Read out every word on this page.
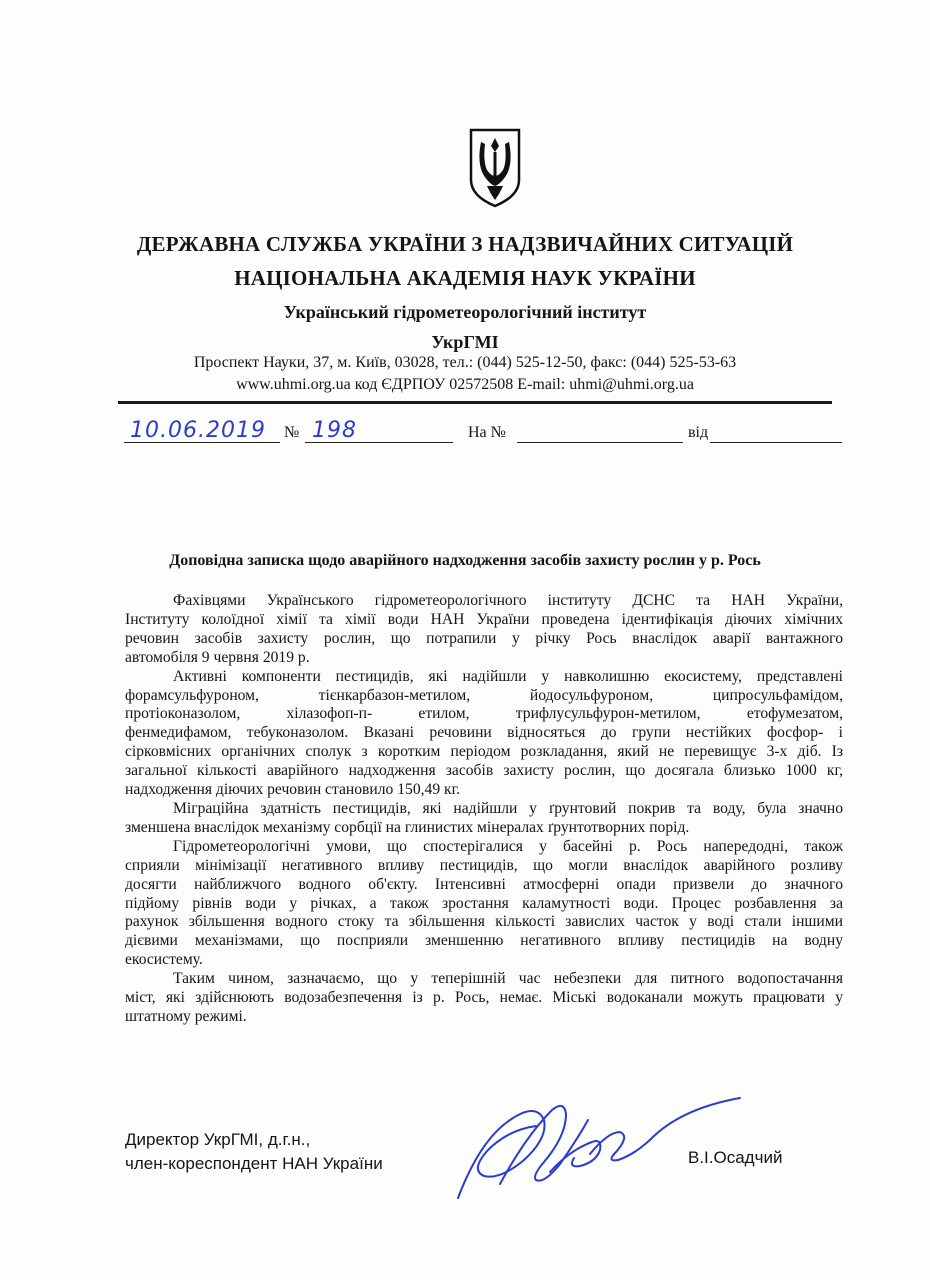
ДЕРЖАВНА СЛУЖБА УКРАЇНИ З НАДЗВИЧАЙНИХ СИТУАЦІЙ
НАЦІОНАЛЬНА АКАДЕМІЯ НАУК УКРАЇНИ
Український гідрометеорологічний інститут
УкрГМІ
Проспект Науки, 37, м. Київ, 03028, тел.: (044) 525-12-50, факс: (044) 525-53-63
www.uhmi.org.ua код ЄДРПОУ 02572508 E-mail: uhmi@uhmi.org.ua
10.06.2019 № 198	На №	від
Доповідна записка щодо аварійного надходження засобів захисту рослин у р. Рось

Фахівцями Українського гідрометеорологічного інституту ДСНС та НАН України,
Інституту колоїдної хімії та хімії води НАН України проведена ідентифікація діючих хімічних
речовин засобів захисту рослин, що потрапили у річку Рось внаслідок аварії вантажного
автомобіля 9 червня 2019 р.

Активні компоненти пестицидів, які надійшли у навколишню екосистему, представлені
форамсульфуроном, тієнкарбазон-метилом, йодосульфуроном, ципросульфамідом,
протіоконазолом, хілазофоп-п- етилом, трифлусульфурон-метилом, етофумезатом,
фенмедифамом, тебуконазолом. Вказані речовини відносяться до групи нестійких фосфор- і
сірковмісних органічних сполук з коротким періодом розкладання, який не перевищує 3-х діб. Із
загальної кількості аварійного надходження засобів захисту рослин, що досягала близько 1000 кг,
надходження діючих речовин становило 150,49 кг.

Міграційна здатність пестицидів, які надійшли у ґрунтовий покрив та воду, була значно
зменшена внаслідок механізму сорбції на глинистих мінералах ґрунтотворних порід.

Гідрометеорологічні умови, що спостерігалися у басейні р. Рось напередодні, також
сприяли мінімізації негативного впливу пестицидів, що могли внаслідок аварійного розливу
досягти найближчого водного об'єкту. Інтенсивні атмосферні опади призвели до значного
підйому рівнів води у річках, а також зростання каламутності води. Процес розбавлення за
рахунок збільшення водного стоку та збільшення кількості завислих часток у воді стали іншими
дієвими механізмами, що посприяли зменшенню негативного впливу пестицидів на водну
екосистему.

Таким чином, зазначаємо, що у теперішній час небезпеки для питного водопостачання
міст, які здійснюють водозабезпечення із р. Рось, немає. Міські водоканали можуть працювати у
штатному режимі.

Директор УкрГМІ, д.г.н.,
член-кореспондент НАН України	В.І.Осадчий
